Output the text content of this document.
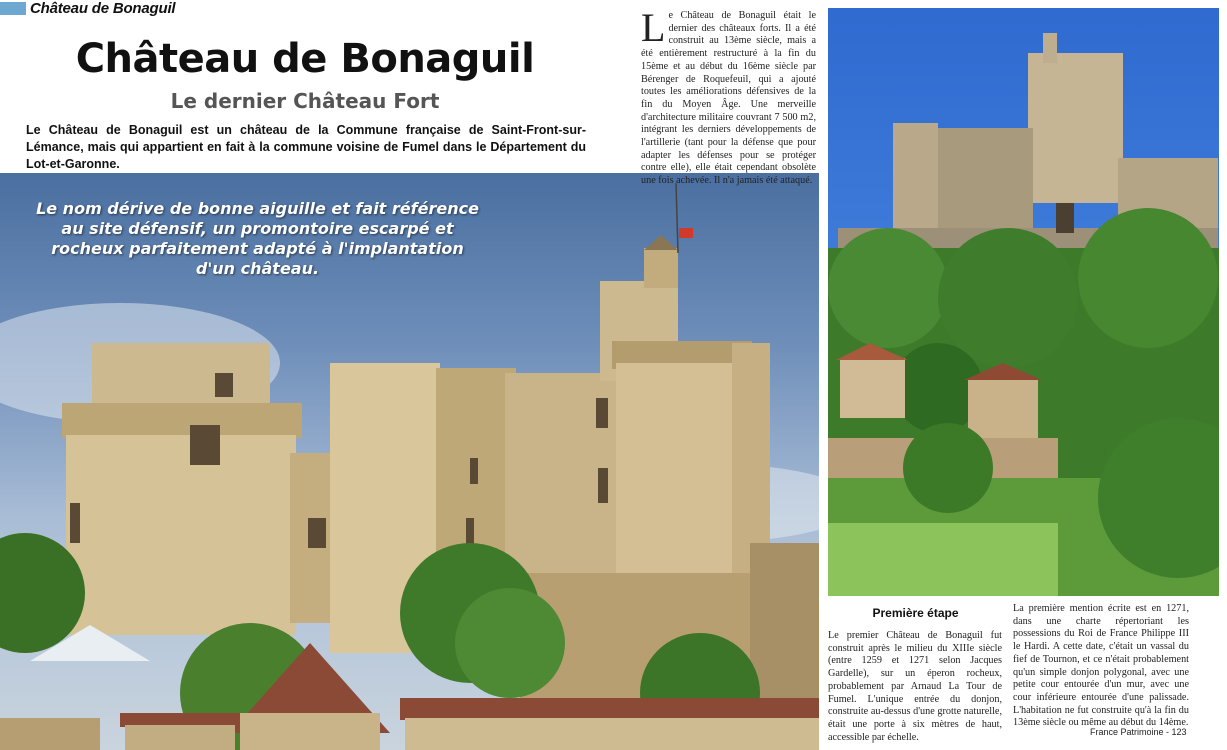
Château de Bonaguil
Château de Bonaguil
Le dernier Château Fort

Le Château de Bonaguil est un château de la Commune française de Saint-Front-sur-Lémance, mais qui appartient en fait à la commune voisine de Fumel dans le Département du Lot-et-Garonne.

Le nom dérive de bonne aiguille et fait référence au site défensif, un promontoire escarpé et rocheux parfaitement adapté à l'implantation d'un château.

Le Château de Bonaguil était le dernier des châteaux forts. Il a été construit au 13ème siècle, mais a été entièrement restructuré à la fin du 15ème et au début du 16ème siècle par Bérenger de Roquefeuil, qui a ajouté toutes les améliorations défensives de la fin du Moyen Âge. Une merveille d'architecture militaire couvrant 7 500 m2, intégrant les derniers développements de l'artillerie (tant pour la défense que pour adapter les défenses pour se protéger contre elle), elle était cependant obsolète une fois achevée. Il n'a jamais été attaqué.

Première étape

Le premier Château de Bonaguil fut construit après le milieu du XIIIe siècle (entre 1259 et 1271 selon Jacques Gardelle), sur un éperon rocheux, probablement par Arnaud La Tour de Fumel. L'unique entrée du donjon, construite au-dessus d'une grotte naturelle, était une porte à six mètres de haut, accessible par échelle.

La première mention écrite est en 1271, dans une charte répertoriant les possessions du Roi de France Philippe III le Hardi. A cette date, c'était un vassal du fief de Tournon, et ce n'était probablement qu'un simple donjon polygonal, avec une petite cour entourée d'un mur, avec une cour inférieure entourée d'une palissade. L'habitation ne fut construite qu'à la fin du 13ème siècle ou même au début du 14ème.

France Patrimoine - 123
